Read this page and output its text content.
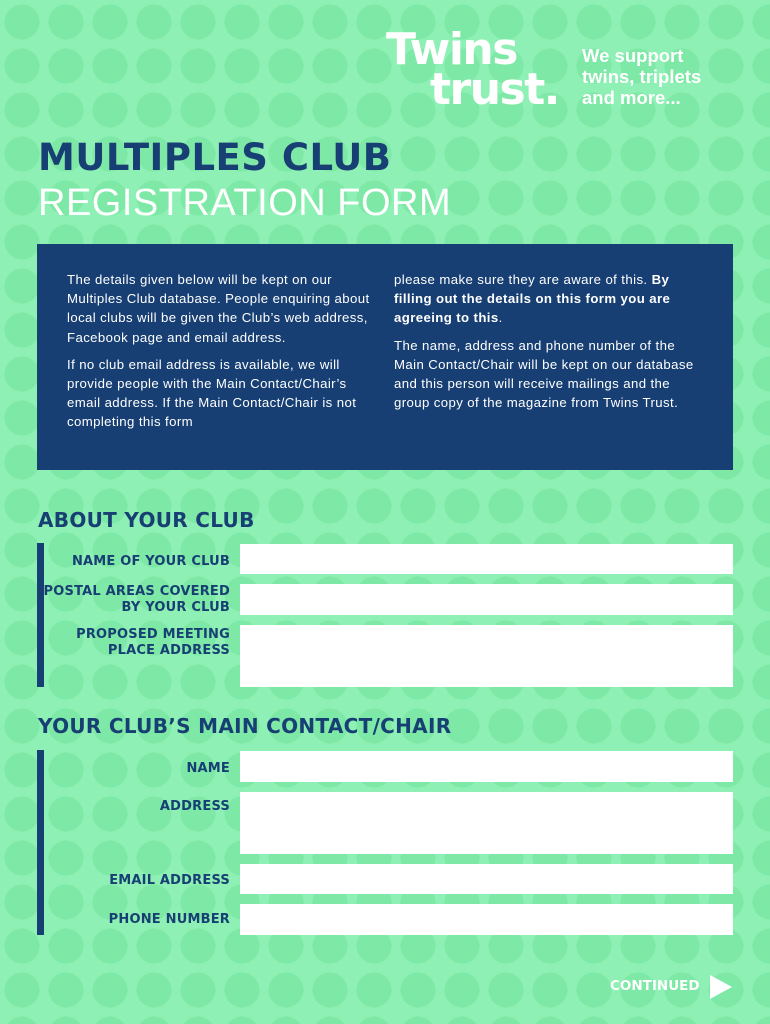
Twins
trust.
We support
twins, triplets
and more...
MULTIPLES CLUB
REGISTRATION FORM

The details given below will be kept on our Multiples Club database. People enquiring about local clubs will be given the Club’s web address, Facebook page and email address.

If no club email address is available, we will provide people with the Main Contact/Chair’s email address. If the Main Contact/Chair is not completing this form

please make sure they are aware of this. By filling out the details on this form you are agreeing to this.

The name, address and phone number of the Main Contact/Chair will be kept on our database and this person will receive mailings and the group copy of the magazine from Twins Trust.

ABOUT YOUR CLUB
NAME OF YOUR CLUB
POSTAL AREAS COVERED
BY YOUR CLUB
PROPOSED MEETING
PLACE ADDRESS
YOUR CLUB’S MAIN CONTACT/CHAIR
NAME
ADDRESS
EMAIL ADDRESS
PHONE NUMBER
CONTINUED
